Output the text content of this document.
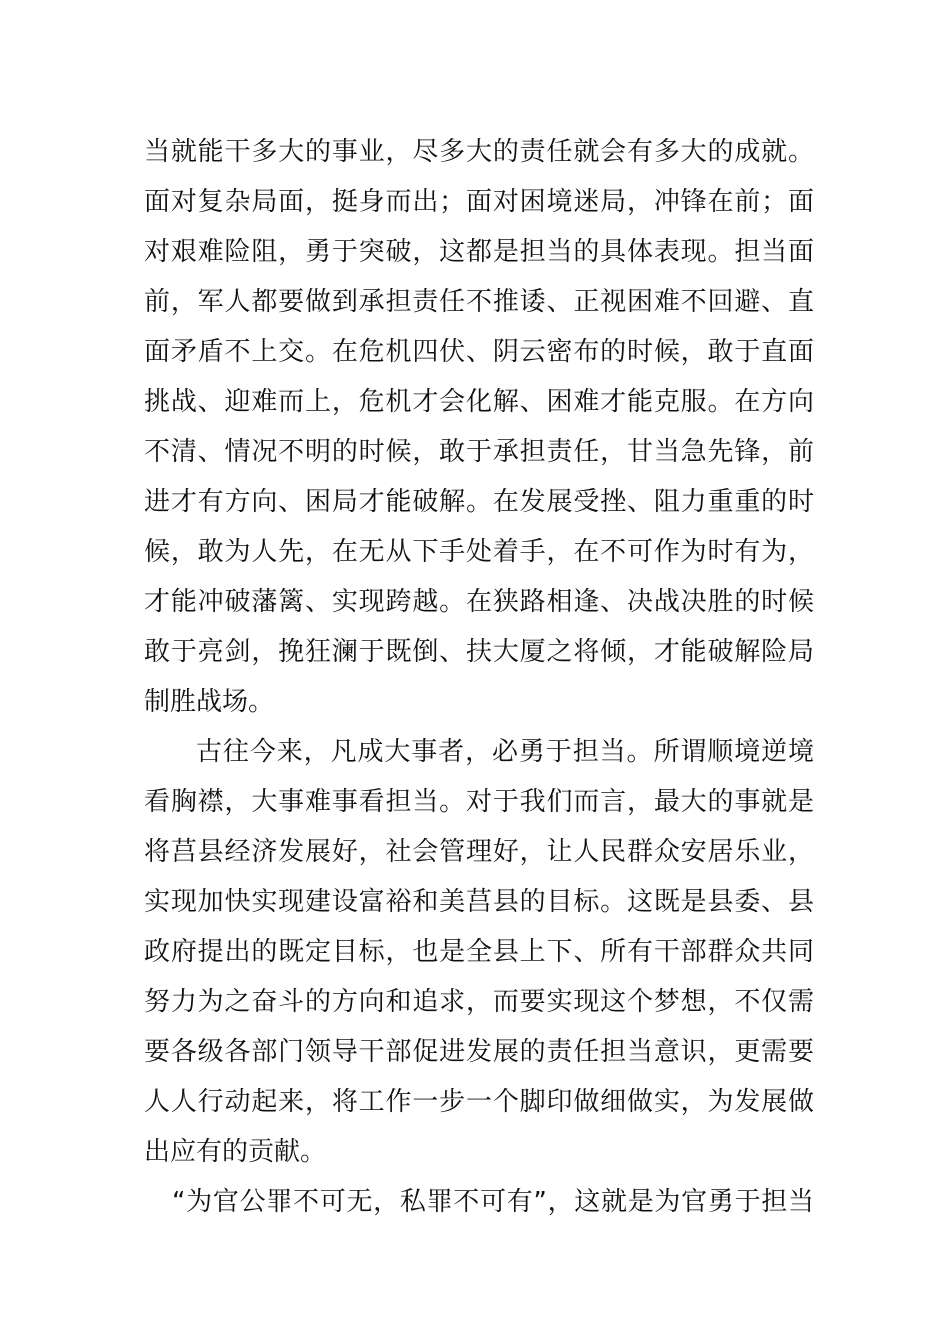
当就能干多大的事业，尽多大的责任就会有多大的成就。
面对复杂局面，挺身而出；面对困境迷局，冲锋在前；面
对艰难险阻，勇于突破，这都是担当的具体表现。担当面
前，军人都要做到承担责任不推诿、正视困难不回避、直
面矛盾不上交。在危机四伏、阴云密布的时候，敢于直面
挑战、迎难而上，危机才会化解、困难才能克服。在方向
不清、情况不明的时候，敢于承担责任，甘当急先锋，前
进才有方向、困局才能破解。在发展受挫、阻力重重的时
候，敢为人先，在无从下手处着手，在不可作为时有为，
才能冲破藩篱、实现跨越。在狭路相逢、决战决胜的时候
敢于亮剑，挽狂澜于既倒、扶大厦之将倾，才能破解险局
制胜战场。
古往今来，凡成大事者，必勇于担当。所谓顺境逆境
看胸襟，大事难事看担当。对于我们而言，最大的事就是
将莒县经济发展好，社会管理好，让人民群众安居乐业，
实现加快实现建设富裕和美莒县的目标。这既是县委、县
政府提出的既定目标，也是全县上下、所有干部群众共同
努力为之奋斗的方向和追求，而要实现这个梦想，不仅需
要各级各部门领导干部促进发展的责任担当意识，更需要
人人行动起来，将工作一步一个脚印做细做实，为发展做
出应有的贡献。
“为官公罪不可无，私罪不可有”，这就是为官勇于担当
